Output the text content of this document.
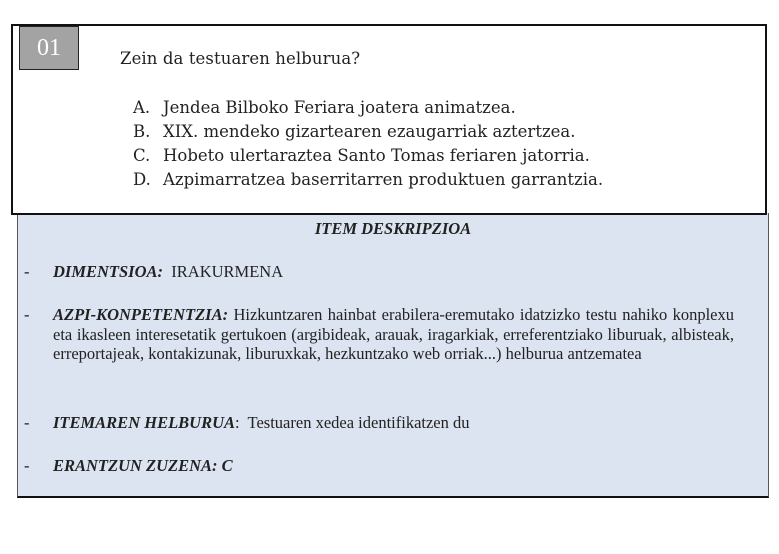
01	Zein da testuaren helburua?
A. Jendea Bilboko Feriara joatera animatzea.
B. XIX. mendeko gizartearen ezaugarriak aztertzea.
C. Hobeto ulertaraztea Santo Tomas feriaren jatorria.
D. Azpimarratzea baserritarren produktuen garrantzia.
ITEM DESKRIPZIOA
- DIMENTSIOA: IRAKURMENA
- AZPI-KONPETENTZIA: Hizkuntzaren hainbat erabilera-eremutako idatzizko testu nahiko konplexu eta ikasleen interesetatik gertukoen (argibideak, arauak, iragarkiak, erreferentziako liburuak, albisteak, erreportajeak, kontakizunak, liburuxkak, hezkuntzako web orriak...) helburua antzematea
- ITEMAREN HELBURUA: Testuaren xedea identifikatzen du
- ERANTZUN ZUZENA: C
